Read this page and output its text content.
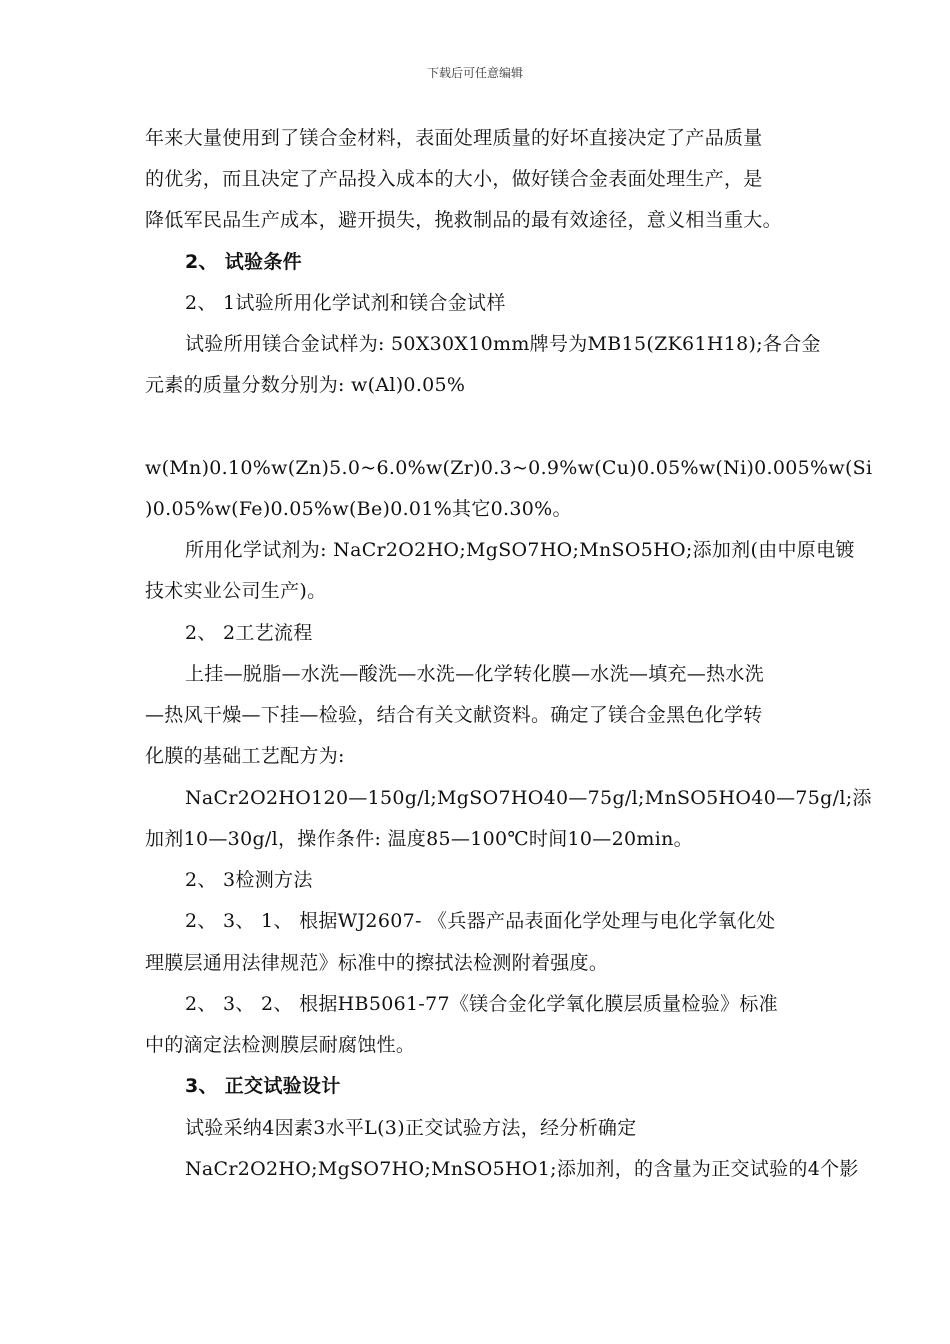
下载后可任意编辑
年来大量使用到了镁合金材料，表面处理质量的好坏直接决定了产品质量
的优劣，而且决定了产品投入成本的大小，做好镁合金表面处理生产，是
降低军民品生产成本，避开损失，挽救制品的最有效途径，意义相当重大。
2、 试验条件
2、 1试验所用化学试剂和镁合金试样
试验所用镁合金试样为: 50X30X10mm牌号为MB15(ZK61H18);各合金
元素的质量分数分别为: w(Al)0.05%
w(Mn)0.10%w(Zn)5.0~6.0%w(Zr)0.3~0.9%w(Cu)0.05%w(Ni)0.005%w(Si
)0.05%w(Fe)0.05%w(Be)0.01%其它0.30%。
所用化学试剂为: NaCr2O2HO;MgSO7HO;MnSO5HO;添加剂(由中原电镀
技术实业公司生产)。
2、 2工艺流程
上挂—脱脂—水洗—酸洗—水洗—化学转化膜—水洗—填充—热水洗
—热风干燥—下挂—检验，结合有关文献资料。确定了镁合金黑色化学转
化膜的基础工艺配方为:
NaCr2O2HO120—150g/l;MgSO7HO40—75g/l;MnSO5HO40—75g/l;添
加剂10—30g/l，操作条件: 温度85—100℃时间10—20min。
2、 3检测方法
2、 3、 1、 根据WJ2607- 《兵器产品表面化学处理与电化学氧化处
理膜层通用法律规范》标准中的擦拭法检测附着强度。
2、 3、 2、 根据HB5061-77《镁合金化学氧化膜层质量检验》标准
中的滴定法检测膜层耐腐蚀性。
3、 正交试验设计
试验采纳4因素3水平L(3)正交试验方法，经分析确定
NaCr2O2HO;MgSO7HO;MnSO5HO1;添加剂，的含量为正交试验的4个影
